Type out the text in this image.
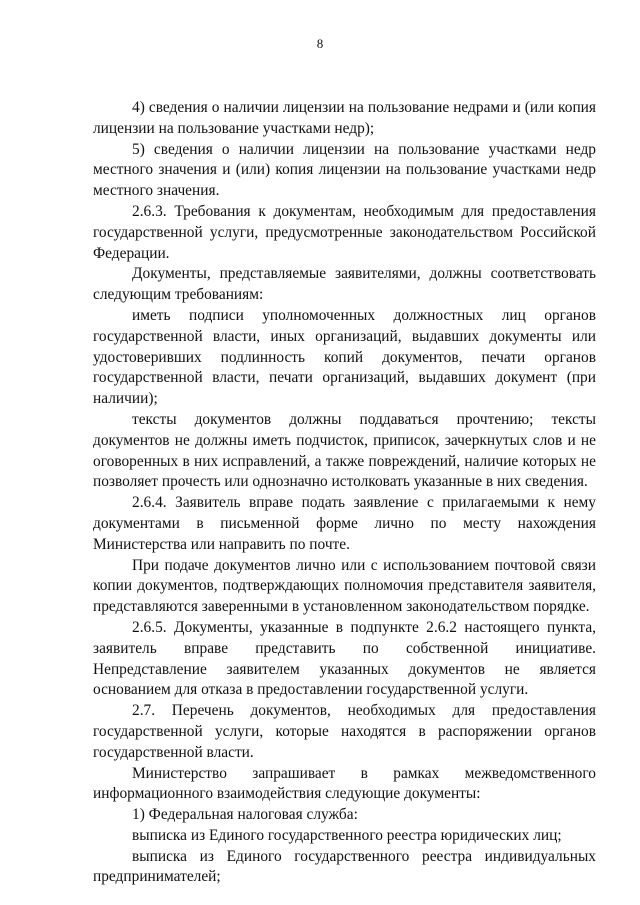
8

4) сведения о наличии лицензии на пользование недрами и (или копия лицензии на пользование участками недр);

5) сведения о наличии лицензии на пользование участками недр местного значения и (или) копия лицензии на пользование участками недр местного значения.

2.6.3. Требования к документам, необходимым для предоставления государственной услуги, предусмотренные законодательством Российской Федерации.

Документы, представляемые заявителями, должны соответствовать следующим требованиям:

иметь подписи уполномоченных должностных лиц органов государственной власти, иных организаций, выдавших документы или удостоверивших подлинность копий документов, печати органов государственной власти, печати организаций, выдавших документ (при наличии);

тексты документов должны поддаваться прочтению; тексты документов не должны иметь подчисток, приписок, зачеркнутых слов и не оговоренных в них исправлений, а также повреждений, наличие которых не позволяет прочесть или однозначно истолковать указанные в них сведения.

2.6.4. Заявитель вправе подать заявление с прилагаемыми к нему документами в письменной форме лично по месту нахождения Министерства или направить по почте.

При подаче документов лично или с использованием почтовой связи копии документов, подтверждающих полномочия представителя заявителя, представляются заверенными в установленном законодательством порядке.

2.6.5. Документы, указанные в подпункте 2.6.2 настоящего пункта, заявитель вправе представить по собственной инициативе. Непредставление заявителем указанных документов не является основанием для отказа в предоставлении государственной услуги.

2.7. Перечень документов, необходимых для предоставления государственной услуги, которые находятся в распоряжении органов государственной власти.

Министерство запрашивает в рамках межведомственного информационного взаимодействия следующие документы:

1) Федеральная налоговая служба:

выписка из Единого государственного реестра юридических лиц;

выписка из Единого государственного реестра индивидуальных предпринимателей;
